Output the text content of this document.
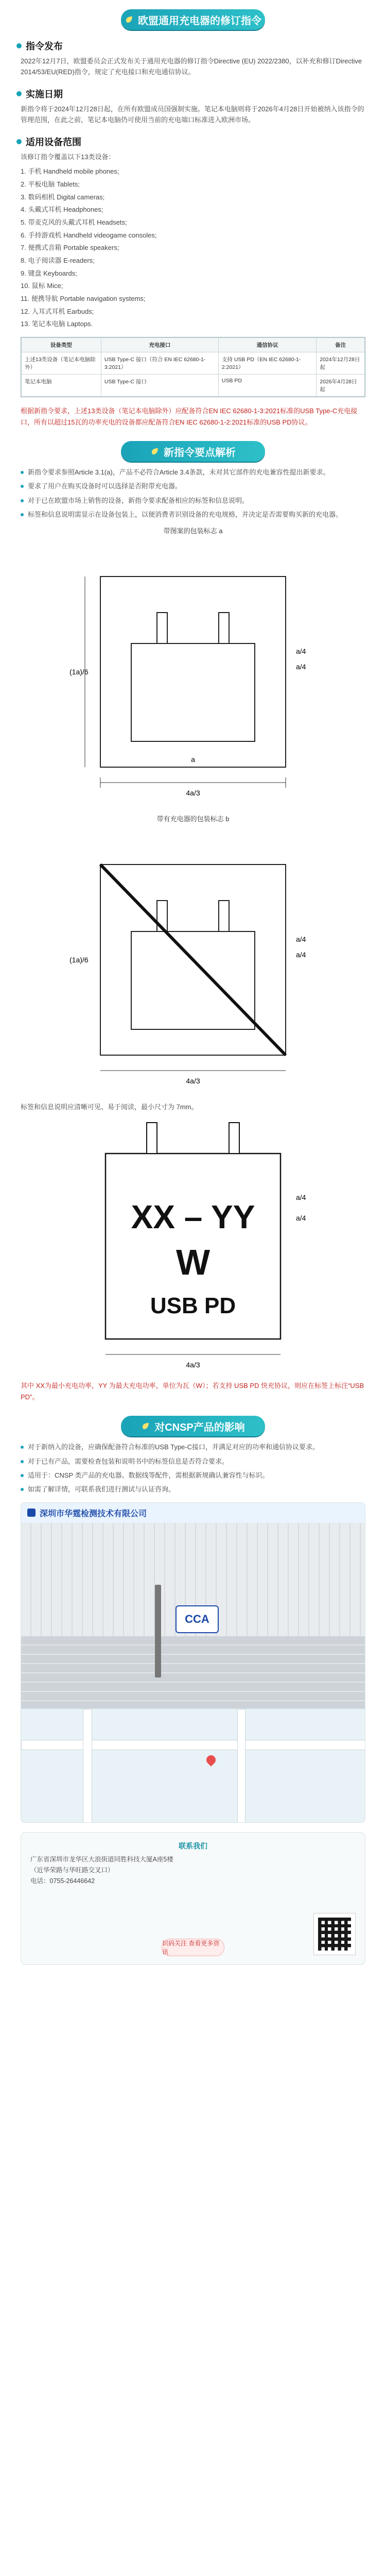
欧盟通用充电器的修订指令
指令发布
2022年12月7日，欧盟委员会正式发布关于通用充电器的修订指令Directive (EU) 2022/2380，以补充和修订Directive 2014/53/EU(RED)指令，规定了充电接口和充电通信协议。
实施日期
新指令将于2024年12月28日起，在所有欧盟成员国强制实施。笔记本电脑则将于2026年4月28日开始被纳入该指令的管理范围，在此之前，笔记本电脑仍可使用当前的充电端口标准进入欧洲市场。
适用设备范围
该修订指令覆盖以下13类设备：
1. 手机 Handheld mobile phones;
2. 平板电脑 Tablets;
3. 数码相机 Digital cameras;
4. 头戴式耳机 Headphones;
5. 带麦克风的头戴式耳机 Headsets;
6. 手持游戏机 Handheld videogame consoles;
7. 便携式音箱 Portable speakers;
8. 电子阅读器 E-readers;
9. 键盘 Keyboards;
10. 鼠标 Mice;
11. 便携导航 Portable navigation systems;
12. 入耳式耳机 Earbuds;
13. 笔记本电脑 Laptops.
设备类型	充电接口	通信协议	备注
上述13类设备（笔记本电脑除外）	USB Type-C 接口（符合 EN IEC 62680-1-3:2021）	支持 USB PD（EN IEC 62680-1-2:2021）	2024年12月28日起
笔记本电脑	USB Type-C 接口	USB PD	2026年4月28日起
根据新指令要求，上述13类设备（笔记本电脑除外）应配备符合EN IEC 62680-1-3:2021标准的USB Type-C充电接口，所有以超过15瓦的功率充电的设备都应配备符合EN IEC 62680-1-2:2021标准的USB PD协议。
新指令要点解析
新指令要求参照Article 3.1(a)，产品不必符合Article 3.4条款，未对其它部件的充电兼容性提出新要求。
要求了用户在购买设备时可以选择是否附带充电器。
对于已在欧盟市场上销售的设备，新指令要求配备相应的标签和信息说明。
标签和信息说明需显示在设备包装上，以便消费者识别设备的充电规格，并决定是否需要购买新的充电器。
带图案的包装标志 a
4a/3
(1a)/6
a
a/4
a/4
带有充电器的包装标志 b
4a/3
(1a)/6
a/4
a/4
标签和信息说明应清晰可见、易于阅读，最小尺寸为 7mm。
XX – YY
W
USB PD
4a/3
a/4
a/4
其中 XX为最小充电功率，YY 为最大充电功率，单位为瓦（W）；若支持 USB PD 快充协议，则应在标签上标注“USB PD”。
对CNSP产品的影响
对于新纳入的设备，应确保配备符合标准的USB Type-C接口，并满足对应的功率和通信协议要求。
对于已有产品，需要检查包装和说明书中的标签信息是否符合要求。
适用于：CNSP 类产品的充电器、数据线等配件，需根据新规确认兼容性与标识。
如需了解详情，可联系我们进行测试与认证咨询。
深圳市华霆检测技术有限公司
CCA
联系我们
广东省深圳市龙华区大浪街道同胜科技大厦A座5楼
（近华荣路与华旺路交叉口）
电话：0755-26446642
识码关注 查看更多资讯
